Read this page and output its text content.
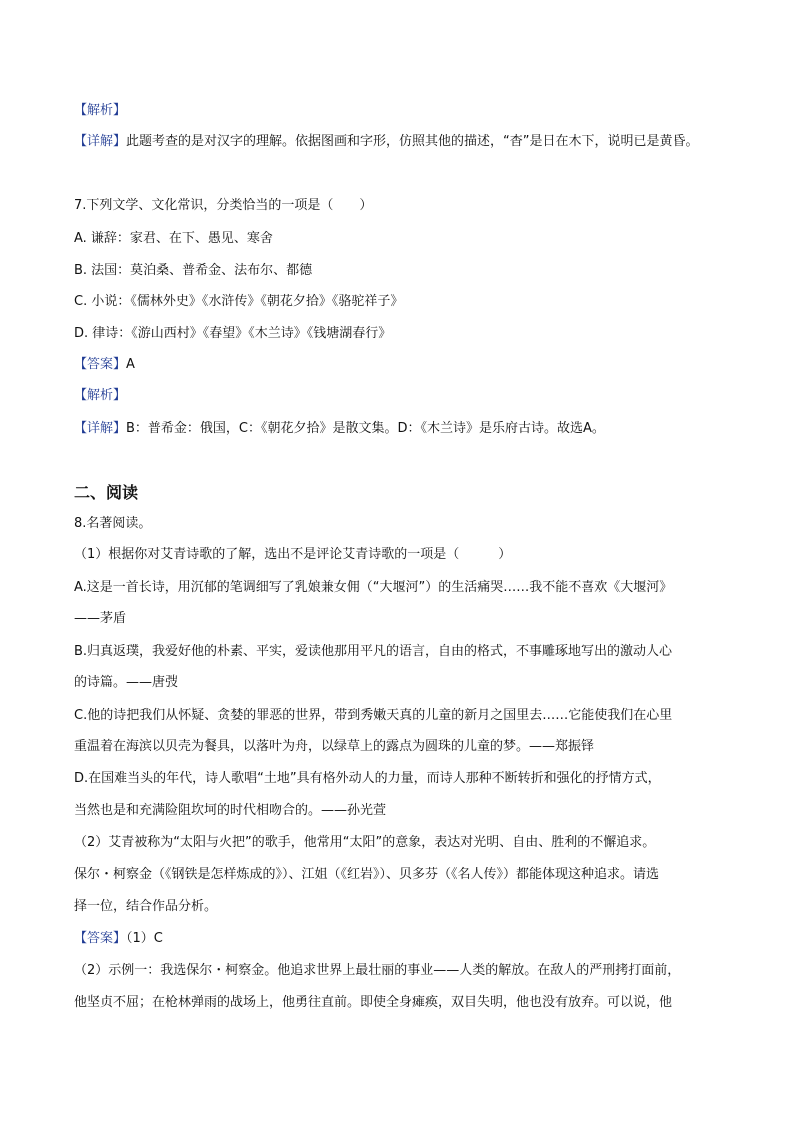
【解析】
【详解】此题考查的是对汉字的理解。依据图画和字形，仿照其他的描述，“杳”是日在木下，说明已是黄昏。
7.下列文学、文化常识，分类恰当的一项是（　　）
A. 谦辞：家君、在下、愚见、寒舍
B. 法国：莫泊桑、普希金、法布尔、都德
C. 小说：《儒林外史》《水浒传》《朝花夕拾》《骆驼祥子》
D. 律诗：《游山西村》《春望》《木兰诗》《钱塘湖春行》
【答案】A
【解析】
【详解】B：普希金：俄国，C：《朝花夕拾》是散文集。D：《木兰诗》是乐府古诗。故选A。
二、阅读
8.名著阅读。
（1）根据你对艾青诗歌的了解，选出不是评论艾青诗歌的一项是（　　　）
A.这是一首长诗，用沉郁的笔调细写了乳娘兼女佣（“大堰河”）的生活痛哭……我不能不喜欢《大堰河》
——茅盾
B.归真返璞，我爱好他的朴素、平实，爱读他那用平凡的语言，自由的格式，不事雕琢地写出的激动人心
的诗篇。——唐弢
C.他的诗把我们从怀疑、贪婪的罪恶的世界，带到秀嫩天真的儿童的新月之国里去……它能使我们在心里
重温着在海滨以贝壳为餐具，以落叶为舟，以绿草上的露点为圆珠的儿童的梦。——郑振铎
D.在国难当头的年代，诗人歌唱“土地”具有格外动人的力量，而诗人那种不断转折和强化的抒情方式，
当然也是和充满险阻坎坷的时代相吻合的。——孙光萱
（2）艾青被称为“太阳与火把”的歌手，他常用“太阳”的意象，表达对光明、自由、胜利的不懈追求。
保尔・柯察金（《钢铁是怎样炼成的》）、江姐（《红岩》）、贝多芬（《名人传》）都能体现这种追求。请选
择一位，结合作品分析。
【答案】（1）C
（2）示例一：我选保尔・柯察金。他追求世界上最壮丽的事业——人类的解放。在敌人的严刑拷打面前，
他坚贞不屈；在枪林弹雨的战场上，他勇往直前。即使全身瘫痪，双目失明，他也没有放弃。可以说，他
